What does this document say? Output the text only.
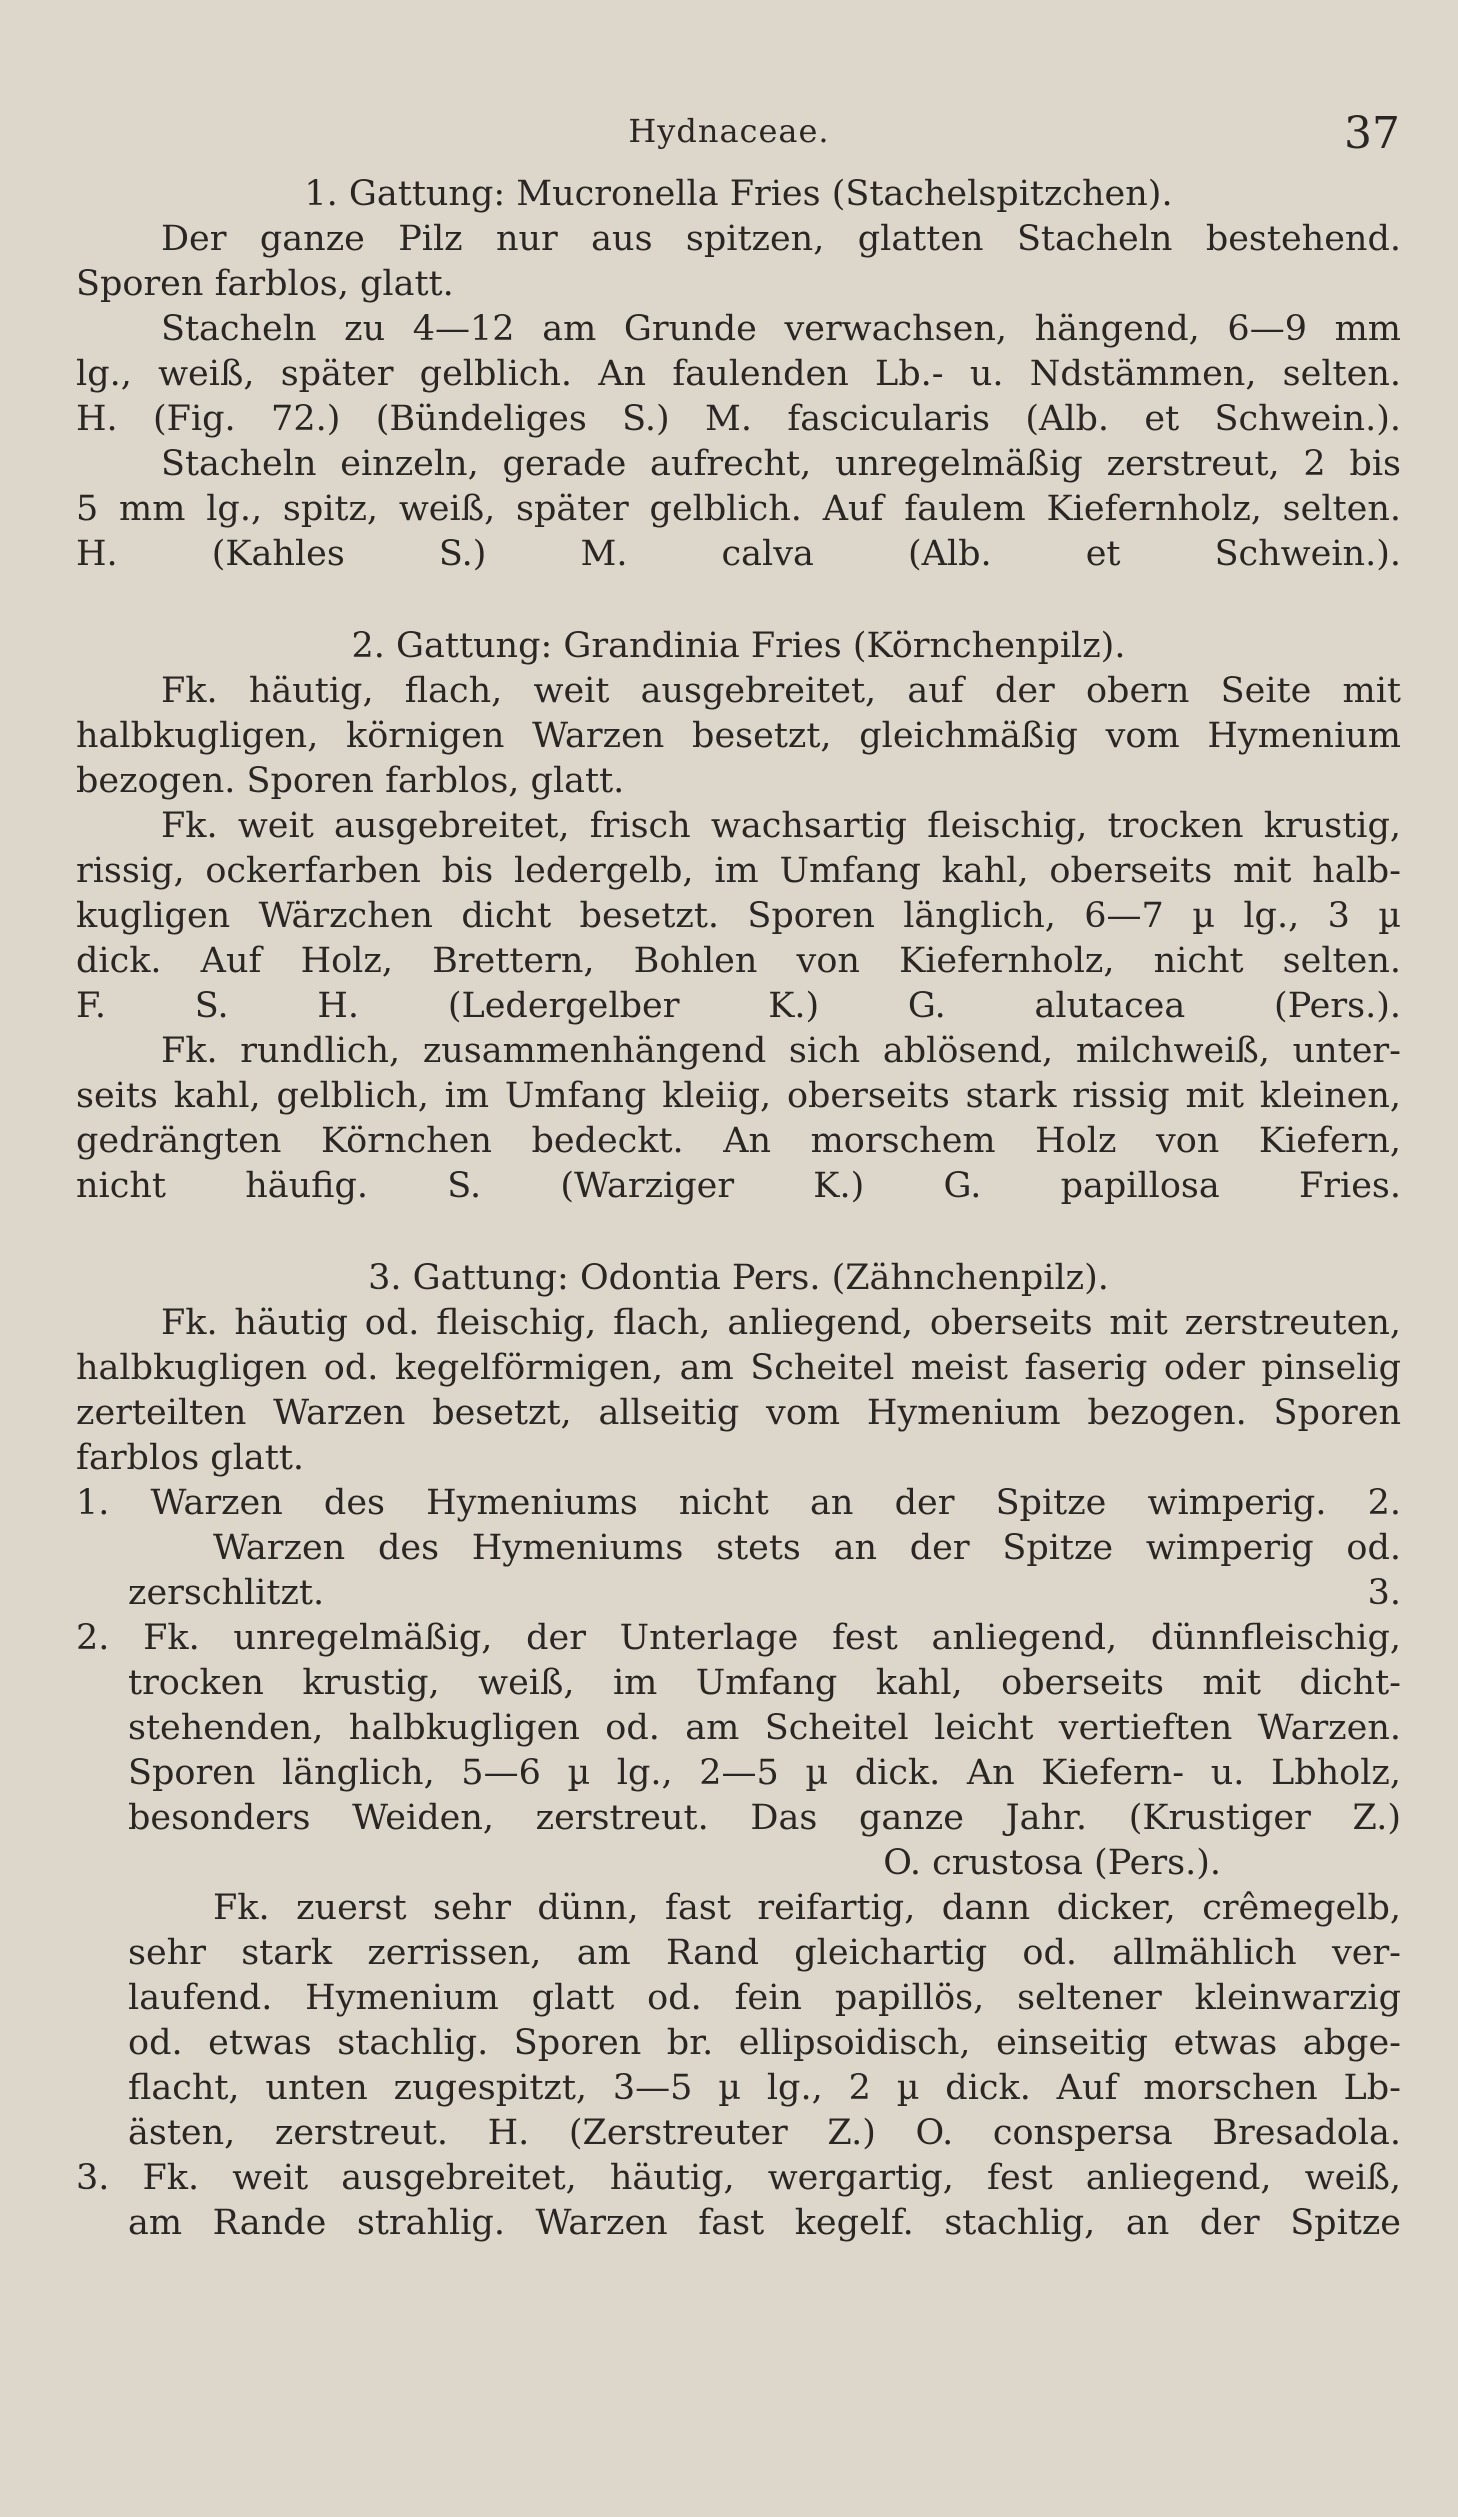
Hydnaceae.	37
1. Gattung: Mucronella Fries (Stachelspitzchen).
Der ganze Pilz nur aus spitzen, glatten Stacheln bestehend.
Sporen farblos, glatt.
Stacheln zu 4—12 am Grunde verwachsen, hängend, 6—9 mm
lg., weiß, später gelblich. An faulenden Lb.- u. Ndstämmen, selten.
H. (Fig. 72.) (Bündeliges S.) M. fascicularis (Alb. et Schwein.).
Stacheln einzeln, gerade aufrecht, unregelmäßig zerstreut, 2 bis
5 mm lg., spitz, weiß, später gelblich. Auf faulem Kiefernholz, selten.
H. (Kahles S.) M. calva (Alb. et Schwein.).
2. Gattung: Grandinia Fries (Körnchenpilz).
Fk. häutig, flach, weit ausgebreitet, auf der obern Seite mit
halbkugligen, körnigen Warzen besetzt, gleichmäßig vom Hymenium
bezogen. Sporen farblos, glatt.
Fk. weit ausgebreitet, frisch wachsartig fleischig, trocken krustig,
rissig, ockerfarben bis ledergelb, im Umfang kahl, oberseits mit halb-
kugligen Wärzchen dicht besetzt. Sporen länglich, 6—7 µ lg., 3 µ
dick. Auf Holz, Brettern, Bohlen von Kiefernholz, nicht selten.
F. S. H. (Ledergelber K.) G. alutacea (Pers.).
Fk. rundlich, zusammenhängend sich ablösend, milchweiß, unter-
seits kahl, gelblich, im Umfang kleiig, oberseits stark rissig mit kleinen,
gedrängten Körnchen bedeckt. An morschem Holz von Kiefern,
nicht häufig. S. (Warziger K.) G. papillosa Fries.
3. Gattung: Odontia Pers. (Zähnchenpilz).
Fk. häutig od. fleischig, flach, anliegend, oberseits mit zerstreuten,
halbkugligen od. kegelförmigen, am Scheitel meist faserig oder pinselig
zerteilten Warzen besetzt, allseitig vom Hymenium bezogen. Sporen
farblos glatt.
1. Warzen des Hymeniums nicht an der Spitze wimperig. 2.
Warzen des Hymeniums stets an der Spitze wimperig od.
zerschlitzt. 3.
2. Fk. unregelmäßig, der Unterlage fest anliegend, dünnfleischig,
trocken krustig, weiß, im Umfang kahl, oberseits mit dicht-
stehenden, halbkugligen od. am Scheitel leicht vertieften Warzen.
Sporen länglich, 5—6 µ lg., 2—5 µ dick. An Kiefern- u. Lbholz,
besonders Weiden, zerstreut. Das ganze Jahr. (Krustiger Z.)
O. crustosa (Pers.).
Fk. zuerst sehr dünn, fast reifartig, dann dicker, crêmegelb,
sehr stark zerrissen, am Rand gleichartig od. allmählich ver-
laufend. Hymenium glatt od. fein papillös, seltener kleinwarzig
od. etwas stachlig. Sporen br. ellipsoidisch, einseitig etwas abge-
flacht, unten zugespitzt, 3—5 µ lg., 2 µ dick. Auf morschen Lb-
ästen, zerstreut. H. (Zerstreuter Z.) O. conspersa Bresadola.
3. Fk. weit ausgebreitet, häutig, wergartig, fest anliegend, weiß,
am Rande strahlig. Warzen fast kegelf. stachlig, an der Spitze
